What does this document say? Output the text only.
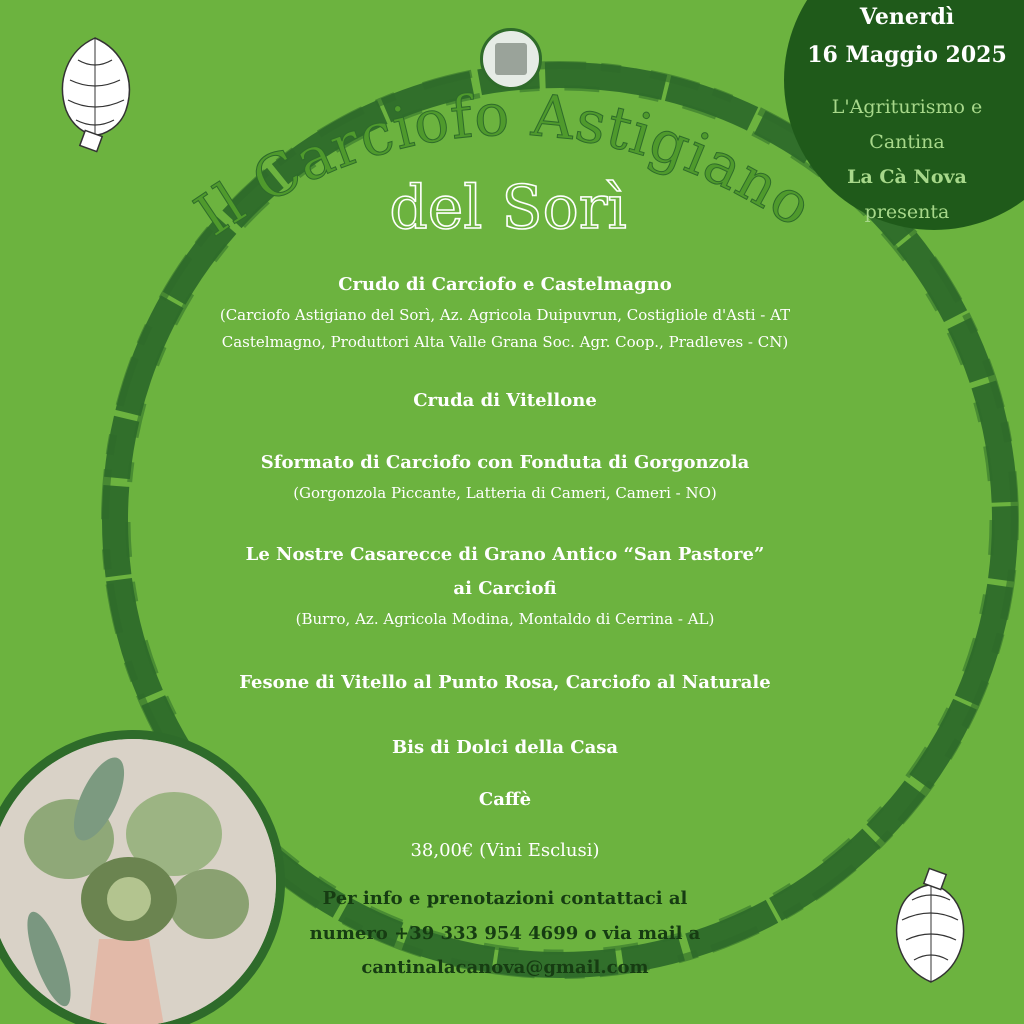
Venerdì
16 Maggio 2025
L'Agriturismo e
Cantina
La Cà Nova
presenta
Il Carciofo Astigiano
del Sorì
Crudo di Carciofo e Castelmagno
(Carciofo Astigiano del Sorì, Az. Agricola Duipuvrun, Costigliole d'Asti - AT
Castelmagno, Produttori Alta Valle Grana Soc. Agr. Coop., Pradleves - CN)
Cruda di Vitellone
Sformato di Carciofo con Fonduta di Gorgonzola
(Gorgonzola Piccante, Latteria di Cameri, Cameri - NO)
Le Nostre Casarecce di Grano Antico “San Pastore”
ai Carciofi
(Burro, Az. Agricola Modina, Montaldo di Cerrina - AL)
Fesone di Vitello al Punto Rosa, Carciofo al Naturale
Bis di Dolci della Casa
Caffè
38,00€ (Vini Esclusi)
Per info e prenotazioni contattaci al
numero +39 333 954 4699 o via mail a
cantinalacanova@gmail.com
